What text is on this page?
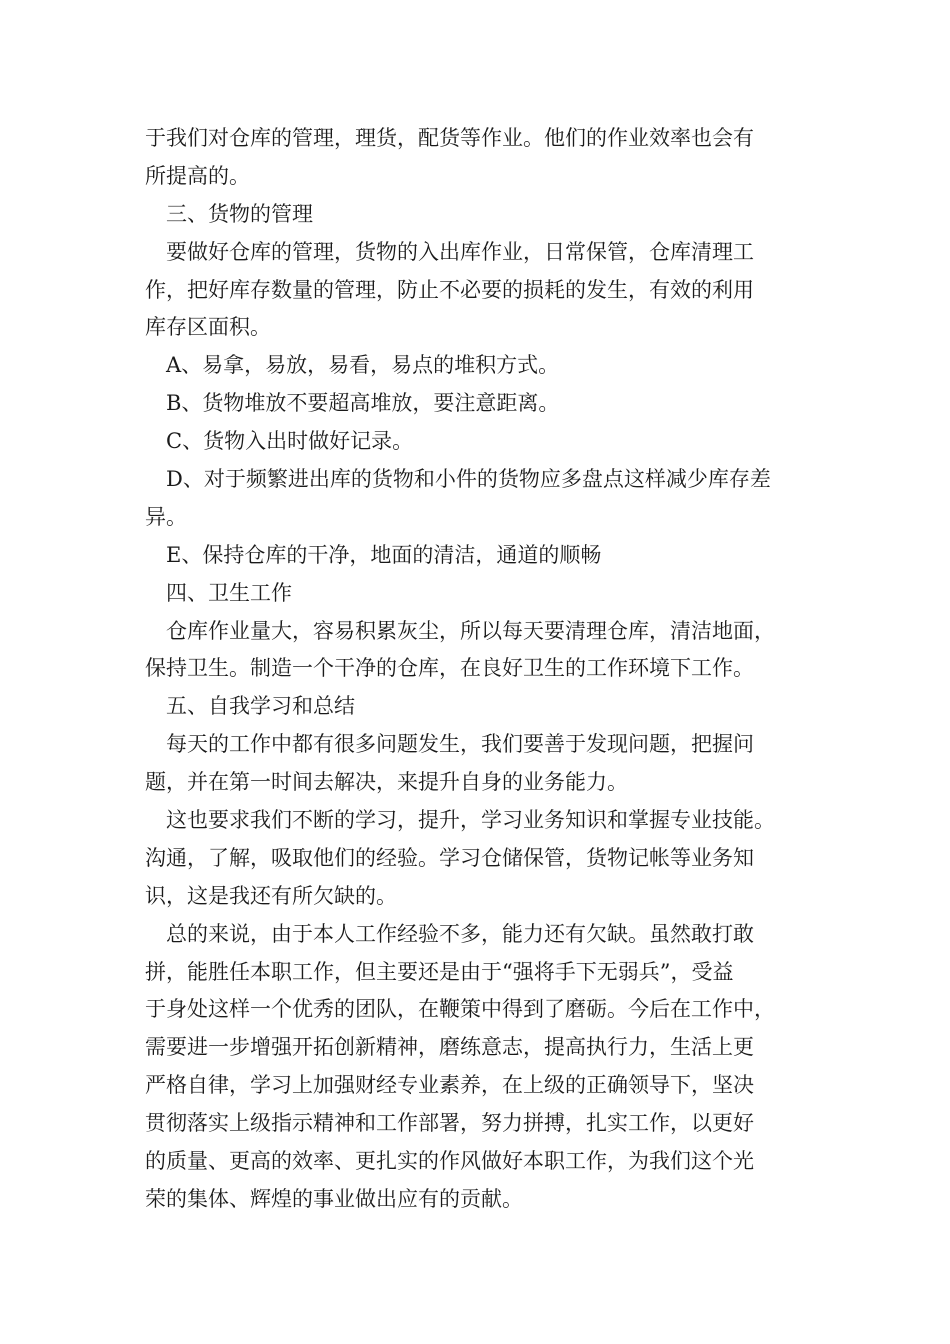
于我们对仓库的管理，理货，配货等作业。他们的作业效率也会有
所提高的。
三、货物的管理
要做好仓库的管理，货物的入出库作业，日常保管，仓库清理工
作，把好库存数量的管理，防止不必要的损耗的发生，有效的利用
库存区面积。
A、易拿，易放，易看，易点的堆积方式。
B、货物堆放不要超高堆放，要注意距离。
C、货物入出时做好记录。
D、对于频繁进出库的货物和小件的货物应多盘点这样减少库存差
异。
E、保持仓库的干净，地面的清洁，通道的顺畅
四、卫生工作
仓库作业量大，容易积累灰尘，所以每天要清理仓库，清洁地面，
保持卫生。制造一个干净的仓库，在良好卫生的工作环境下工作。
五、自我学习和总结
每天的工作中都有很多问题发生，我们要善于发现问题，把握问
题，并在第一时间去解决，来提升自身的业务能力。
这也要求我们不断的学习，提升，学习业务知识和掌握专业技能。
沟通，了解，吸取他们的经验。学习仓储保管，货物记帐等业务知
识，这是我还有所欠缺的。
总的来说，由于本人工作经验不多，能力还有欠缺。虽然敢打敢
拼，能胜任本职工作，但主要还是由于“强将手下无弱兵”，受益
于身处这样一个优秀的团队，在鞭策中得到了磨砺。今后在工作中，
需要进一步增强开拓创新精神，磨练意志，提高执行力，生活上更
严格自律，学习上加强财经专业素养，在上级的正确领导下，坚决
贯彻落实上级指示精神和工作部署，努力拼搏，扎实工作，以更好
的质量、更高的效率、更扎实的作风做好本职工作，为我们这个光
荣的集体、辉煌的事业做出应有的贡献。
